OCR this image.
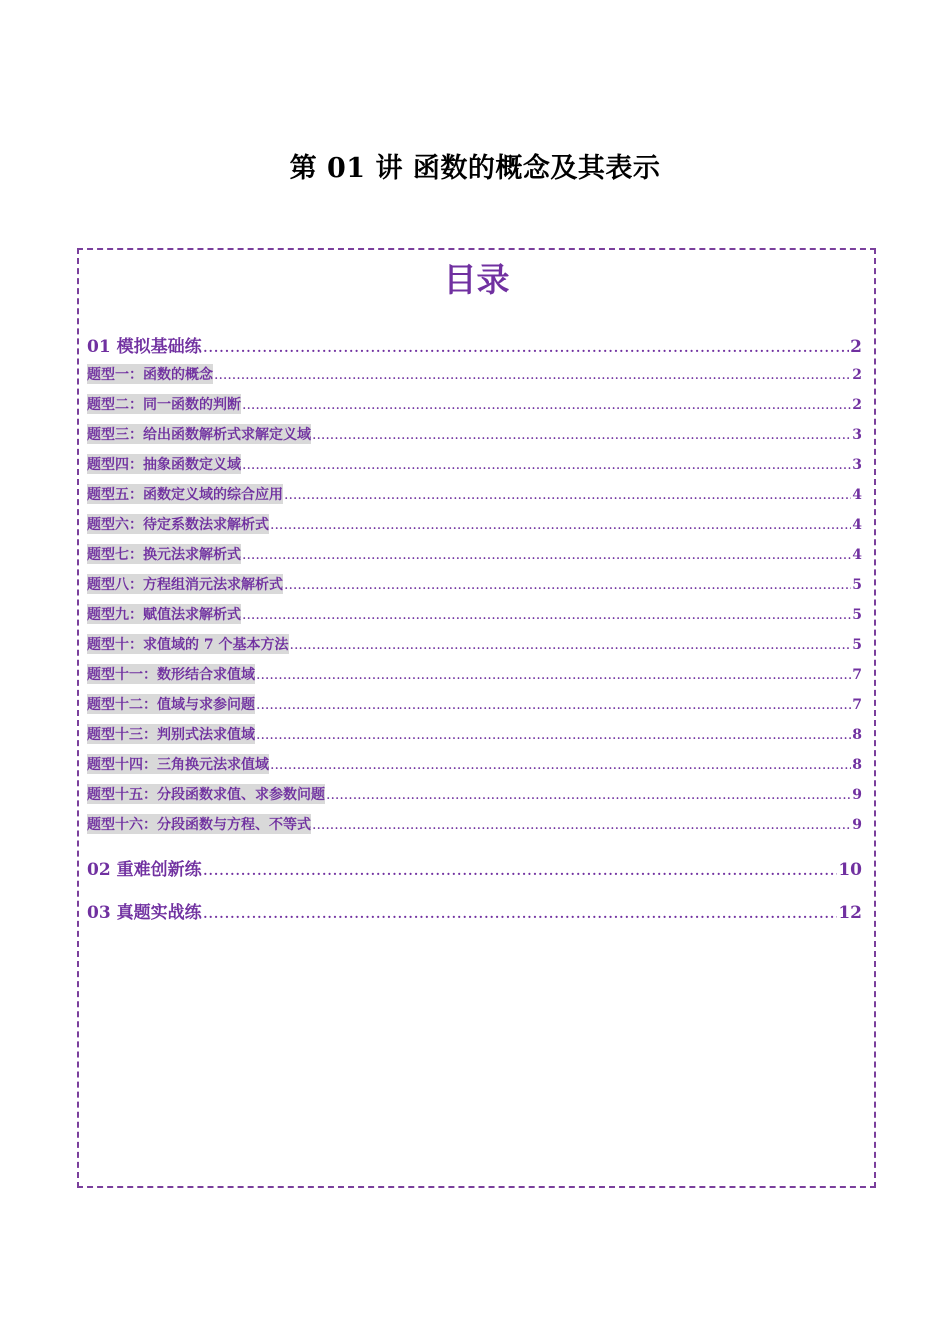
第 01 讲 函数的概念及其表示
目录
01 模拟基础练 .....	2
题型一：函数的概念 .....	2
题型二：同一函数的判断 .....	2
题型三：给出函数解析式求解定义域 .....	3
题型四：抽象函数定义域 .....	3
题型五：函数定义域的综合应用 .....	4
题型六：待定系数法求解析式 .....	4
题型七：换元法求解析式 .....	4
题型八：方程组消元法求解析式 .....	5
题型九：赋值法求解析式 .....	5
题型十：求值域的 7 个基本方法 .....	5
题型十一：数形结合求值域 .....	7
题型十二：值域与求参问题 .....	7
题型十三：判别式法求值域 .....	8
题型十四：三角换元法求值域 .....	8
题型十五：分段函数求值、求参数问题 .....	9
题型十六：分段函数与方程、不等式 .....	9
02 重难创新练 .....	10
03 真题实战练 .....	12
